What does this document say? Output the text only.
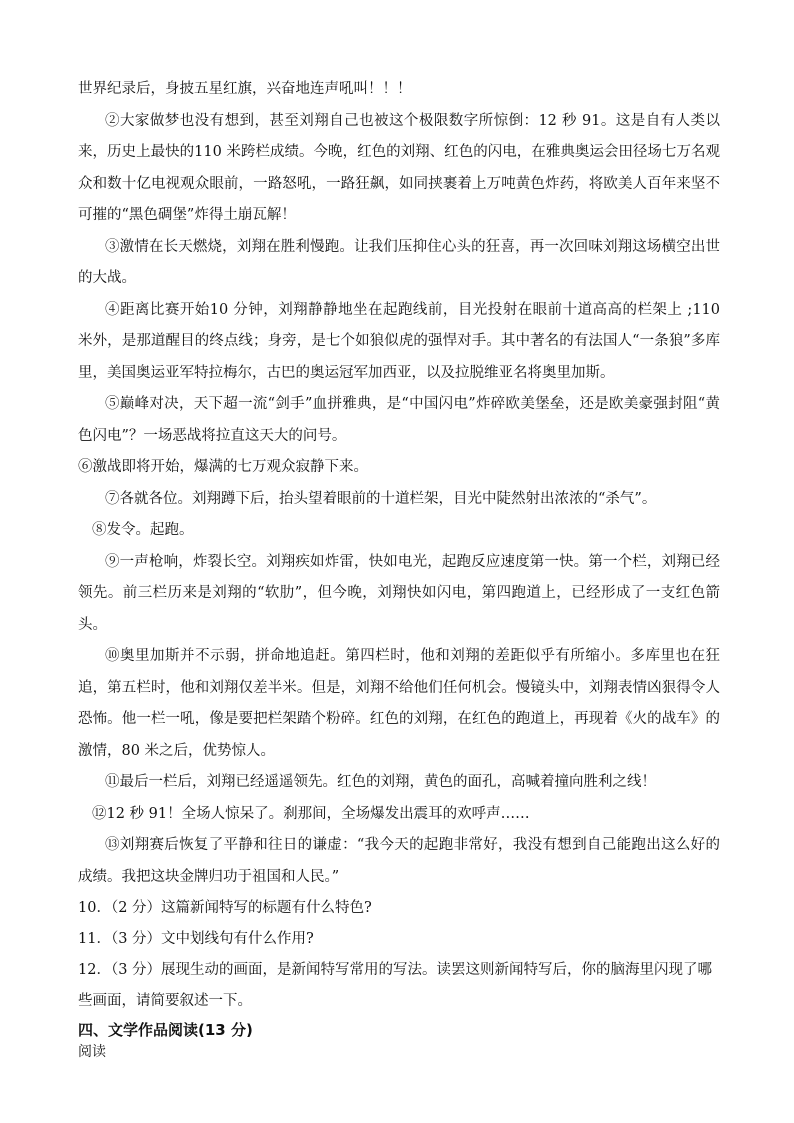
世界纪录后，身披五星红旗，兴奋地连声吼叫！！！

②大家做梦也没有想到，甚至刘翔自己也被这个极限数字所惊倒：12 秒 91。这是自有人类以来，历史上最快的110 米跨栏成绩。今晚，红色的刘翔、红色的闪电，在雅典奥运会田径场七万名观众和数十亿电视观众眼前，一路怒吼，一路狂飙，如同挟裹着上万吨黄色炸药，将欧美人百年来坚不可摧的“黑色碉堡”炸得土崩瓦解！

③激情在长天燃烧，刘翔在胜利慢跑。让我们压抑住心头的狂喜，再一次回味刘翔这场横空出世的大战。

④距离比赛开始10 分钟，刘翔静静地坐在起跑线前，目光投射在眼前十道高高的栏架上 ;110 米外，是那道醒目的终点线；身旁，是七个如狼似虎的强悍对手。其中著名的有法国人“一条狼”多库里，美国奥运亚军特拉梅尔，古巴的奥运冠军加西亚，以及拉脱维亚名将奥里加斯。

⑤巅峰对决，天下超一流“剑手”血拼雅典，是“中国闪电”炸碎欧美堡垒，还是欧美豪强封阻“黄色闪电”？一场恶战将拉直这天大的问号。

⑥激战即将开始，爆满的七万观众寂静下来。

⑦各就各位。刘翔蹲下后，抬头望着眼前的十道栏架，目光中陡然射出浓浓的“杀气”。

⑧发令。起跑。

⑨一声枪响，炸裂长空。刘翔疾如炸雷，快如电光，起跑反应速度第一快。第一个栏，刘翔已经领先。前三栏历来是刘翔的“软肋”，但今晚，刘翔快如闪电，第四跑道上，已经形成了一支红色箭头。

⑩奥里加斯并不示弱，拼命地追赶。第四栏时，他和刘翔的差距似乎有所缩小。多库里也在狂追，第五栏时，他和刘翔仅差半米。但是，刘翔不给他们任何机会。慢镜头中，刘翔表情凶狠得令人恐怖。他一栏一吼，像是要把栏架踏个粉碎。红色的刘翔，在红色的跑道上，再现着《火的战车》的激情，80 米之后，优势惊人。

⑪最后一栏后，刘翔已经遥遥领先。红色的刘翔，黄色的面孔，高喊着撞向胜利之线！

⑫12 秒 91！全场人惊呆了。刹那间，全场爆发出震耳的欢呼声……

⑬刘翔赛后恢复了平静和往日的谦虚：“我今天的起跑非常好，我没有想到自己能跑出这么好的成绩。我把这块金牌归功于祖国和人民。”

10．（2 分）这篇新闻特写的标题有什么特色?

11．（3 分）文中划线句有什么作用?

12．（3 分）展现生动的画面，是新闻特写常用的写法。读罢这则新闻特写后，你的脑海里闪现了哪些画面，请简要叙述一下。

四、文学作品阅读(13 分)

阅读
